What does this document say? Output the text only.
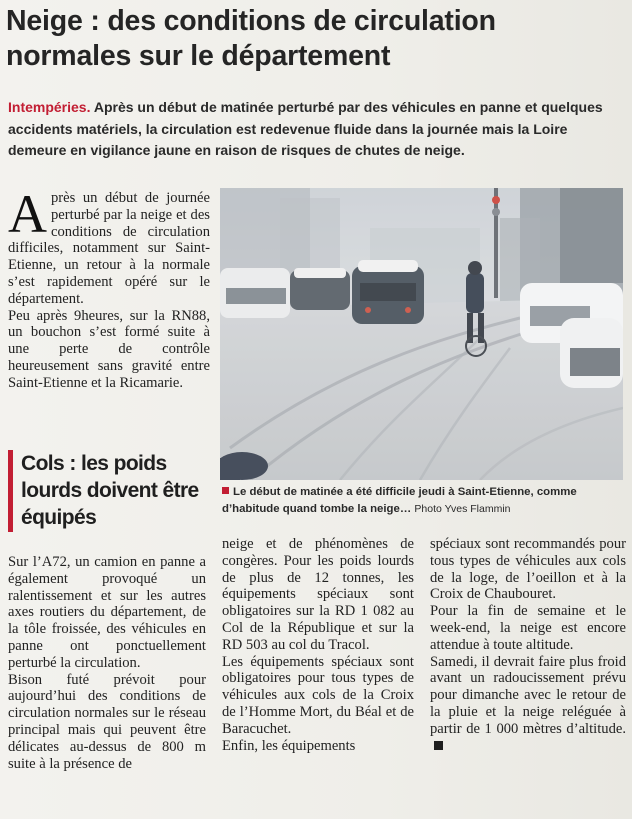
Neige : des conditions de circulation normales sur le département

Intempéries. Après un début de matinée perturbé par des véhicules en panne et quelques accidents matériels, la circulation est redevenue fluide dans la journée mais la Loire demeure en vigilance jaune en raison de risques de chutes de neige.

Après un début de journée perturbé par la neige et des conditions de circulation difficiles, notamment sur Saint-Etienne, un retour à la normale s’est rapidement opéré sur le département.

Peu après 9heures, sur la RN88, un bouchon s’est formé suite à une perte de contrôle heureusement sans gravité entre Saint-Etienne et la Ricamarie.

Cols : les poids lourds doivent être équipés

Le début de matinée a été difficile jeudi à Saint-Etienne, comme d’habitude quand tombe la neige… Photo Yves Flammin

Sur l’A72, un camion en panne a également provoqué un ralentissement et sur les autres axes routiers du département, de la tôle froissée, des véhicules en panne ont ponctuellement perturbé la circulation.

Bison futé prévoit pour aujourd’hui des conditions de circulation normales sur le réseau principal mais qui peuvent être délicates au-dessus de 800 m suite à la présence de

neige et de phénomènes de congères. Pour les poids lourds de plus de 12 tonnes, les équipements spéciaux sont obligatoires sur la RD 1 082 au Col de la République et sur la RD 503 au col du Tracol.

Les équipements spéciaux sont obligatoires pour tous types de véhicules aux cols de la Croix de l’Homme Mort, du Béal et de Baracuchet.

Enfin, les équipements

spéciaux sont recommandés pour tous types de véhicules aux cols de la loge, de l’oeillon et à la Croix de Chaubouret.

Pour la fin de semaine et le week-end, la neige est encore attendue à toute altitude.

Samedi, il devrait faire plus froid avant un radoucissement prévu pour dimanche avec le retour de la pluie et la neige reléguée à partir de 1 000 mètres d’altitude.
